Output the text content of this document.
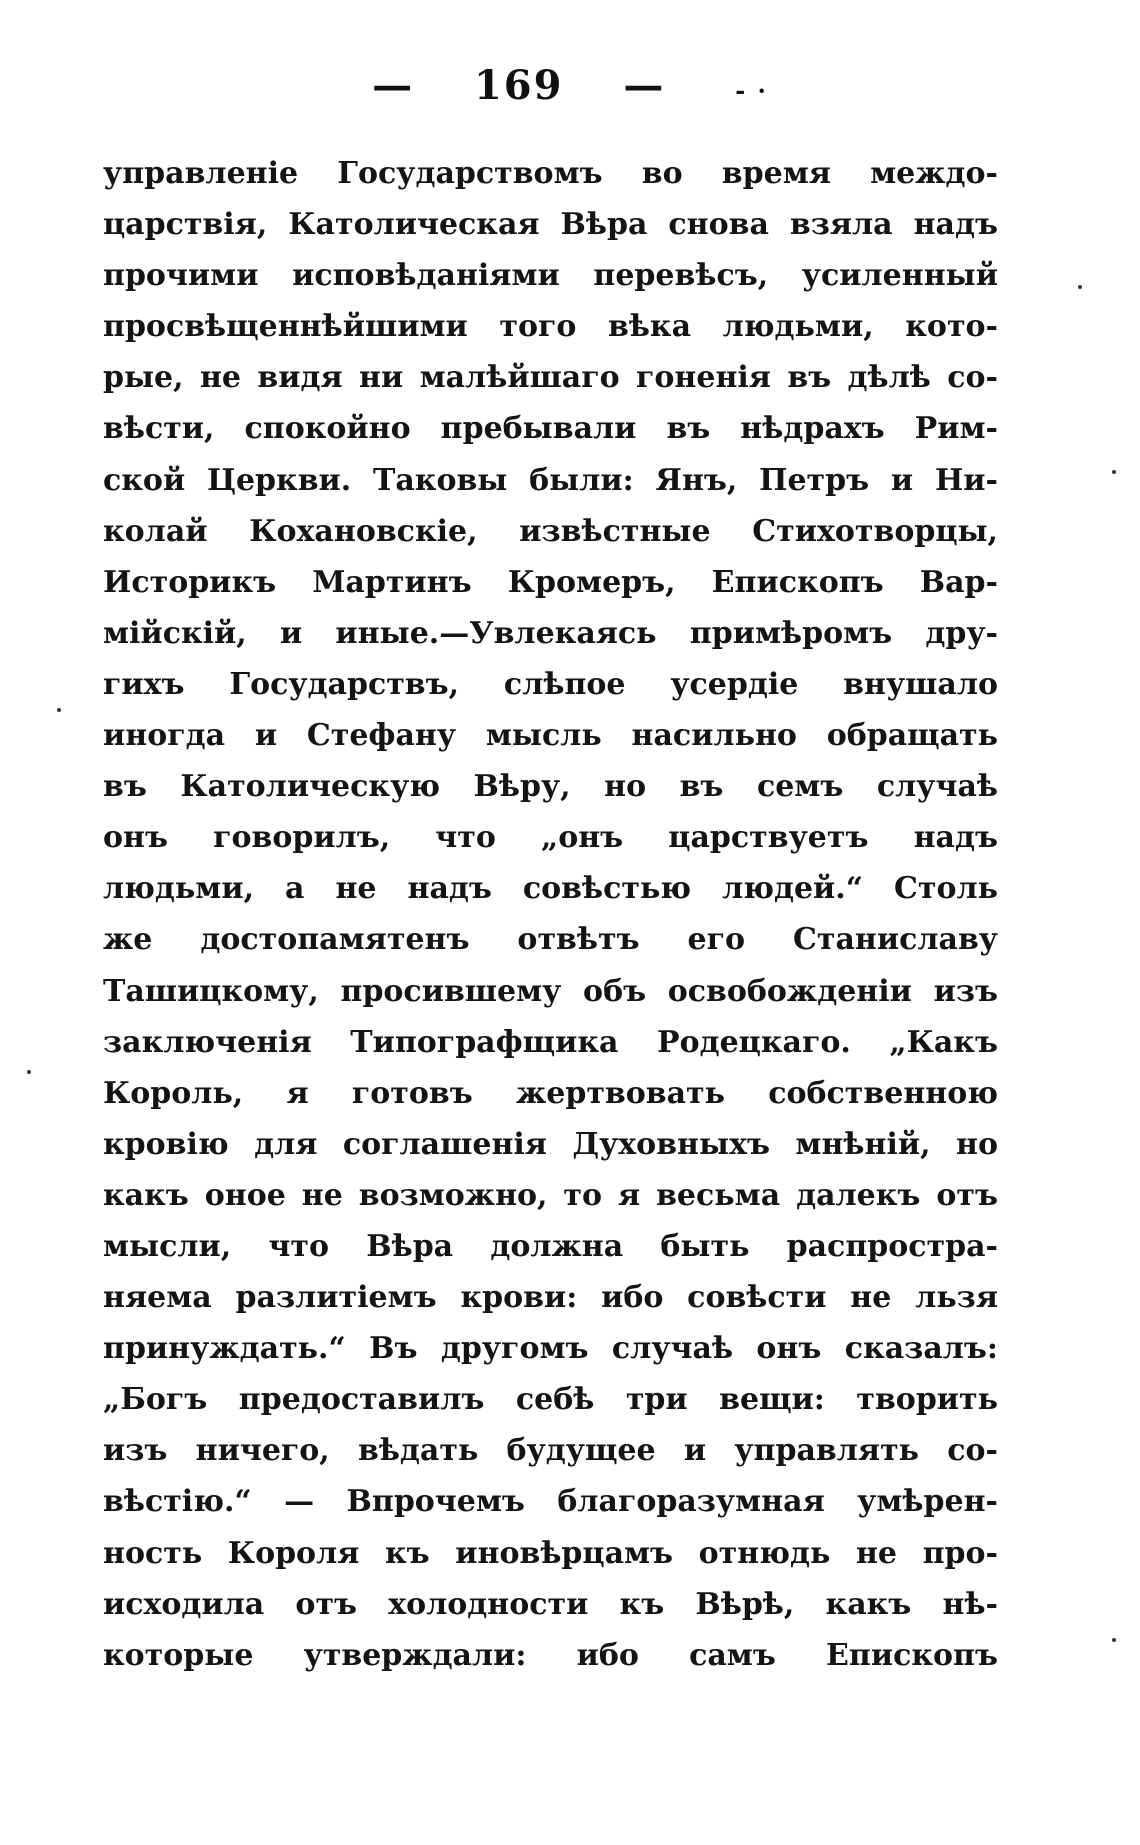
— 169 —	- ·
управленіе Государствомъ во время междо-
царствія, Католическая Вѣра снова взяла надъ
прочими исповѣданіями перевѣсъ, усиленный
просвѣщеннѣйшими того вѣка людьми, кото-
рые, не видя ни малѣйшаго гоненія въ дѣлѣ со-
вѣсти, спокойно пребывали въ нѣдрахъ Рим-
ской Церкви. Таковы были: Янъ, Петръ и Ни-
колай Кохановскіе, извѣстные Стихотворцы,
Историкъ Мартинъ Кромеръ, Епископъ Вар-
мійскій, и иные.—Увлекаясь примѣромъ дру-
гихъ Государствъ, слѣпое усердіе внушало
иногда и Стефану мысль насильно обращать
въ Католическую Вѣру, но въ семъ случаѣ
онъ говорилъ, что „онъ царствуетъ надъ
людьми, а не надъ совѣстью людей.“ Столь
же достопамятенъ отвѣтъ его Станиславу
Ташицкому, просившему объ освобожденіи изъ
заключенія Типографщика Родецкаго. „Какъ
Король, я готовъ жертвовать собственною
кровію для соглашенія Духовныхъ мнѣній, но
какъ оное не возможно, то я весьма далекъ отъ
мысли, что Вѣра должна быть распростра-
няема разлитіемъ крови: ибо совѣсти не льзя
принуждать.“ Въ другомъ случаѣ онъ сказалъ:
„Богъ предоставилъ себѣ три вещи: творить
изъ ничего, вѣдать будущее и управлять со-
вѣстію.“ — Впрочемъ благоразумная умѣрен-
ность Короля къ иновѣрцамъ отнюдь не про-
исходила отъ холодности къ Вѣрѣ, какъ нѣ-
которые утверждали: ибо самъ Епископъ
